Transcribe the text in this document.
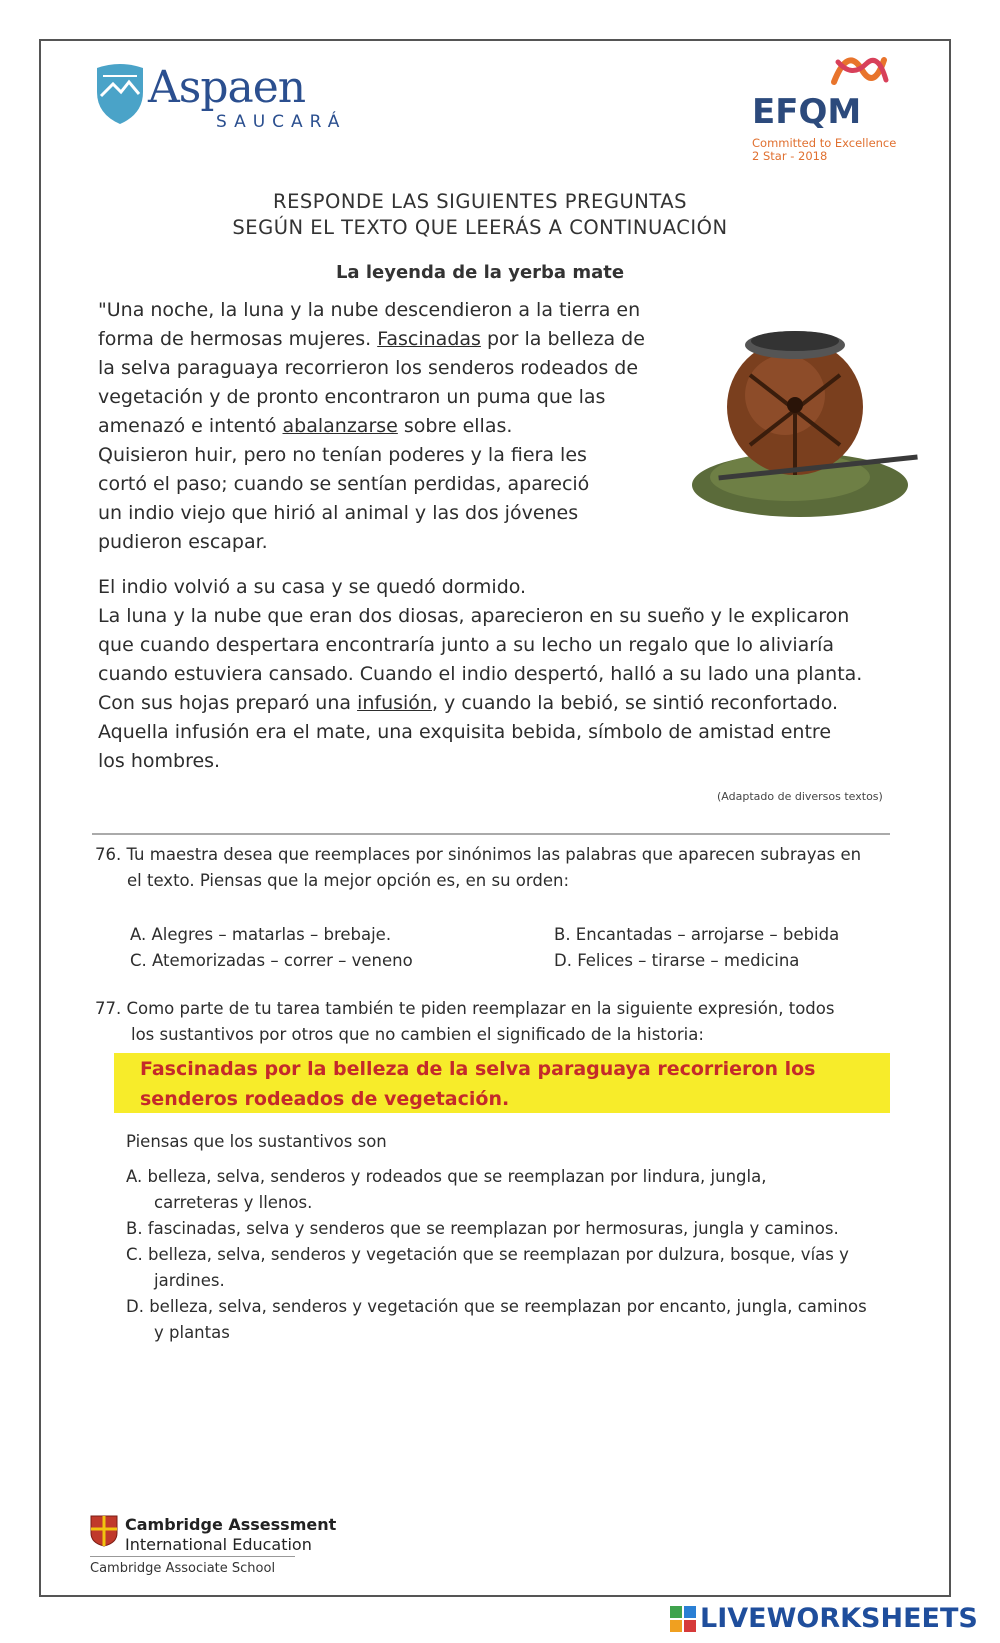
Aspaen
SAUCARÁ	EFQM
Committed to Excellence
2 Star - 2018
RESPONDE LAS SIGUIENTES PREGUNTAS
SEGÚN EL TEXTO QUE LEERÁS A CONTINUACIÓN
La leyenda de la yerba mate
"Una noche, la luna y la nube descendieron a la tierra en
forma de hermosas mujeres. Fascinadas por la belleza de
la selva paraguaya recorrieron los senderos rodeados de
vegetación y de pronto encontraron un puma que las
amenazó e intentó abalanzarse sobre ellas.
Quisieron huir, pero no tenían poderes y la fiera les
cortó el paso; cuando se sentían perdidas, apareció
un indio viejo que hirió al animal y las dos jóvenes
pudieron escapar.
El indio volvió a su casa y se quedó dormido.
La luna y la nube que eran dos diosas, aparecieron en su sueño y le explicaron
que cuando despertara encontraría junto a su lecho un regalo que lo aliviaría
cuando estuviera cansado. Cuando el indio despertó, halló a su lado una planta.
Con sus hojas preparó una infusión, y cuando la bebió, se sintió reconfortado.
Aquella infusión era el mate, una exquisita bebida, símbolo de amistad entre
los hombres.
(Adaptado de diversos textos)
76. Tu maestra desea que reemplaces por sinónimos las palabras que aparecen subrayas en
el texto. Piensas que la mejor opción es, en su orden:
A. Alegres – matarlas – brebaje.	B. Encantadas – arrojarse – bebida
C. Atemorizadas – correr – veneno	D. Felices – tirarse – medicina
77. Como parte de tu tarea también te piden reemplazar en la siguiente expresión, todos
los sustantivos por otros que no cambien el significado de la historia:
Fascinadas por la belleza de la selva paraguaya recorrieron los
senderos rodeados de vegetación.
Piensas que los sustantivos son
A. belleza, selva, senderos y rodeados que se reemplazan por lindura, jungla,
carreteras y llenos.
B. fascinadas, selva y senderos que se reemplazan por hermosuras, jungla y caminos.
C. belleza, selva, senderos y vegetación que se reemplazan por dulzura, bosque, vías y
jardines.
D. belleza, selva, senderos y vegetación que se reemplazan por encanto, jungla, caminos
y plantas
Cambridge Assessment
International Education
Cambridge Associate School
LIVEWORKSHEETS
